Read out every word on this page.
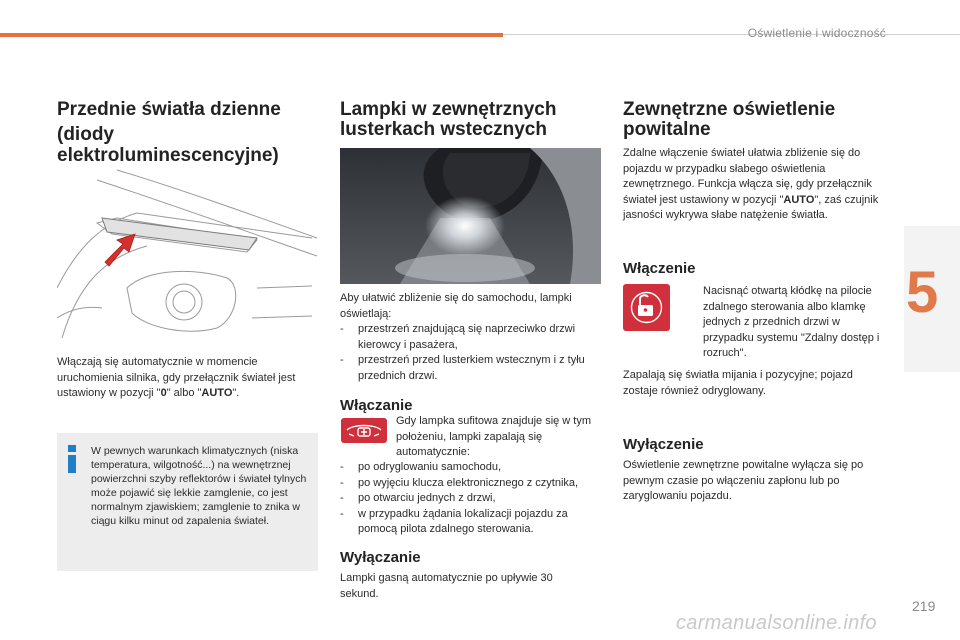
Oświetlenie i widoczność
5
Przednie światła dzienne
(diody
elektroluminescencyjne)
Włączają się automatycznie w momencie uruchomienia silnika, gdy przełącznik świateł jest ustawiony w pozycji "0" albo "AUTO".
W pewnych warunkach klimatycznych (niska temperatura, wilgotność...) na wewnętrznej powierzchni szyby reflektorów i świateł tylnych może pojawić się lekkie zamglenie, co jest normalnym zjawiskiem; zamglenie to znika w ciągu kilku minut od zapalenia świateł.
Lampki w zewnętrznych
lusterkach wstecznych
Aby ułatwić zbliżenie się do samochodu, lampki oświetlają:
- przestrzeń znajdującą się naprzeciwko drzwi kierowcy i pasażera,
- przestrzeń przed lusterkiem wstecznym i z tyłu przednich drzwi.
Włączanie
Gdy lampka sufitowa znajduje się w tym położeniu, lampki zapalają się automatycznie:
- po odryglowaniu samochodu,
- po wyjęciu klucza elektronicznego z czytnika,
- po otwarciu jednych z drzwi,
- w przypadku żądania lokalizacji pojazdu za pomocą pilota zdalnego sterowania.
Wyłączanie
Lampki gasną automatycznie po upływie 30 sekund.
Zewnętrzne oświetlenie
powitalne
Zdalne włączenie świateł ułatwia zbliżenie się do pojazdu w przypadku słabego oświetlenia zewnętrznego. Funkcja włącza się, gdy przełącznik świateł jest ustawiony w pozycji "AUTO", zaś czujnik jasności wykrywa słabe natężenie światła.
Włączenie
Nacisnąć otwartą kłódkę na pilocie zdalnego sterowania albo klamkę jednych z przednich drzwi w przypadku systemu "Zdalny dostęp i rozruch".
Zapalają się światła mijania i pozycyjne; pojazd zostaje również odryglowany.
Wyłączenie
Oświetlenie zewnętrzne powitalne wyłącza się po pewnym czasie po włączeniu zapłonu lub po zaryglowaniu pojazdu.
219
carmanualsonline.info
